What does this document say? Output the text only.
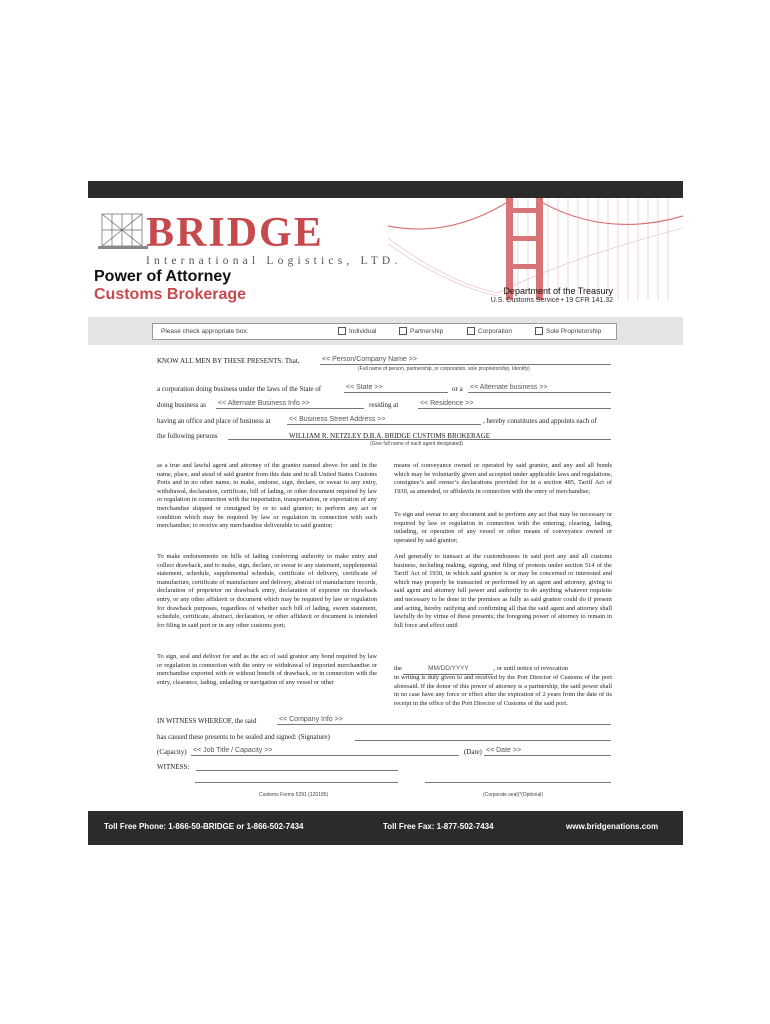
BRIDGE
International Logistics, LTD.
Power of Attorney
Customs Brokerage	Department of the Treasury
U.S. Customs Service • 19 CFR 141.32
Please check appropriate box:	Individual	Partnership	Corporation	Sole Proprietorship
KNOW ALL MEN BY THESE PRESENTS: That,	<< Person/Company Name >>
(Full name of person, partnership, or corporation, sole proprietorship, Identify)
a corporation doing business under the laws of the State of	<< State >>	or a << Alternate business >>
doing business as << Alternate Business Info >>	residing at	<< Residence >>
having an office and place of business at	<< Business Street Address >>	, hereby constitutes and appoints each of
the following persons	WILLIAM R. NETZLEY D.B.A. BRIDGE CUSTOMS BROKERAGE
(Give full name of each agent designated)
as a true and lawful agent and attorney of the grantor named above for and in the name, place, and stead of said grantor from this date and in all United States Customs Ports and in no other name, to make, endorse, sign, declare, or swear to any entry, withdrawal, declaration, certificate, bill of lading, or other document required by law or regulation in connection with the importation, transportation, or exportation of any merchandise shipped or consigned by or to said grantor; to perform any act or condition which may be required by law or regulation in connection with such merchandise; to receive any merchandise deliverable to said grantor;
To make endorsements on bills of lading conferring authority to make entry and collect drawback, and to make, sign, declare, or swear to any statement, supplemental statement, schedule, supplemental schedule, certificate of delivery, certificate of manufacture, certificate of manufacture and delivery, abstract of manufacture records, declaration of proprietor on drawback entry, declaration of exporter on drawback entry, or any other affidavit or document which may be required by law or regulation for drawback purposes, regardless of whether such bill of lading, sworn statement, schedule, certificate, abstract, declaration, or other affidavit or document is intended for filing in said port or in any other customs port;
To sign, seal and deliver for and as the act of said grantor any bond required by law or regulation in connection with the entry or withdrawal of imported merchandise or merchandise exported with or without benefit of drawback, or in connection with the entry, clearance, lading, unlading or navigation of any vessel or other
means of conveyance owned or operated by said grantor, and any and all bonds which may be voluntarily given and accepted under applicable laws and regulations, consignee’s and owner’s declarations provided for in a section 485, Tariff Act of 1930, as amended, or affidavits in connection with the entry of merchandise;
To sign and swear to any document and to perform any act that may be necessary or required by law or regulation in connection with the entering, clearing, lading, unlading, or operation of any vessel or other means of conveyance owned or operated by said grantor;
And generally to transact at the customhouses in said port any and all customs business, including making, signing, and filing of protests under section 514 of the Tariff Act of 1930, in which said grantor is or may be concerned or interested and which may properly be transacted or performed by an agent and attorney, giving to said agent and attorney full power and authority to do anything whatever requisite and necessary to be done in the premises as fully as said grantor could do if present and acting, hereby ratifying and confirming all that the said agent and attorney shall lawfully do by virtue of these presents; the foregoing power of attorney to remain in full force and effect until
the	MM/DD/YYYY	, or until notice of revocation
in writing is duly given to and received by the Port Director of Customs of the port aforesaid. If the donor of this power of attorney is a partnership, the said power shall in no case have any force or effect after the expiration of 2 years from the date of its receipt in the office of the Port Director of Customs of the said port.
IN WITNESS WHEREOF, the said	<< Company Info >>
has caused these presents to be sealed and signed: (Signature)
(Capacity) << Job Title / Capacity >>	(Date) << Date >>
WITNESS:
Customs Forms 5291 (120185)	(Corporate seal)*(Optional)
Toll Free Phone: 1-866-50-BRIDGE or 1-866-502-7434	Toll Free Fax: 1-877-502-7434	www.bridgenations.com
